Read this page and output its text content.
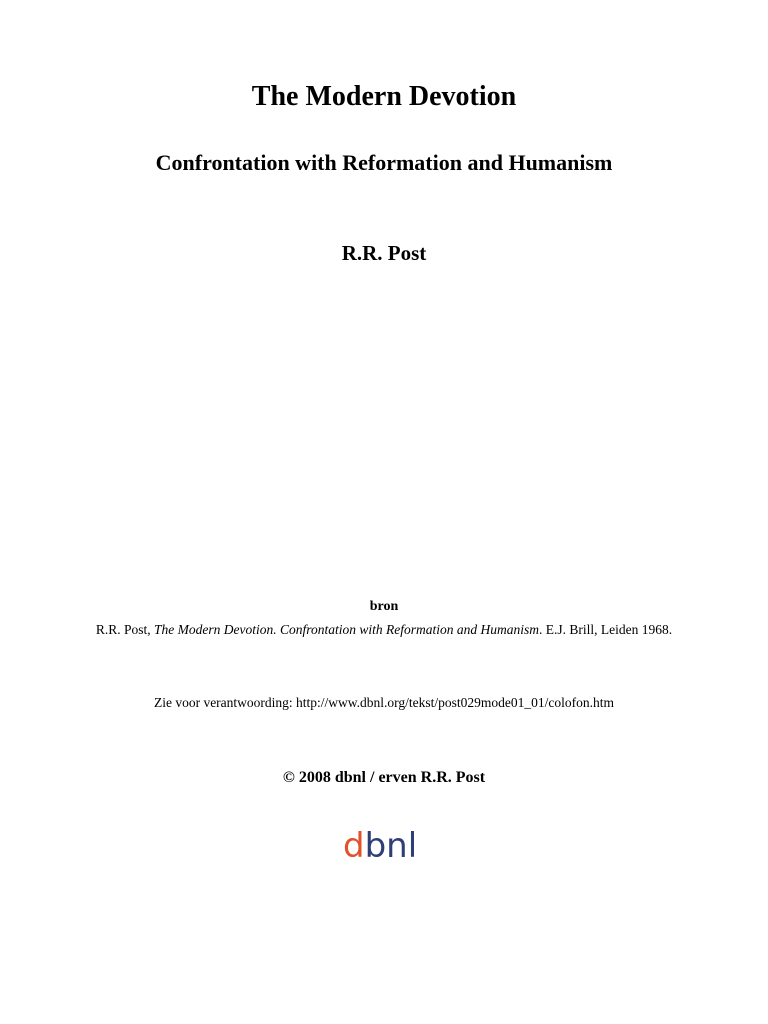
The Modern Devotion
Confrontation with Reformation and Humanism

R.R. Post

bron

R.R. Post, The Modern Devotion. Confrontation with Reformation and Humanism. E.J. Brill, Leiden 1968.

Zie voor verantwoording: http://www.dbnl.org/tekst/post029mode01_01/colofon.htm

© 2008 dbnl / erven R.R. Post

dbnl
